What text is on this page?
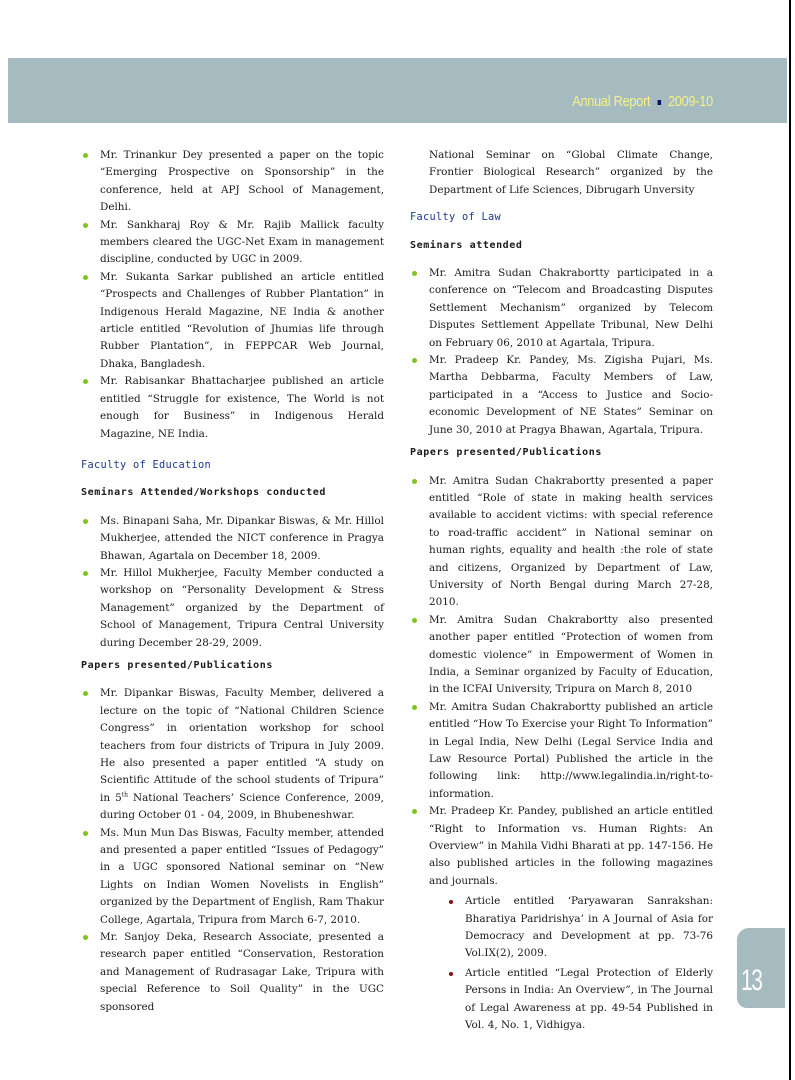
Annual Report 2009-10
Mr. Trinankur Dey presented a paper on the topic “Emerging Prospective on Sponsorship” in the conference, held at APJ School of Management, Delhi.
Mr. Sankharaj Roy & Mr. Rajib Mallick faculty members cleared the UGC-Net Exam in management discipline, conducted by UGC in 2009.
Mr. Sukanta Sarkar published an article entitled “Prospects and Challenges of Rubber Plantation” in Indigenous Herald Magazine, NE India & another article entitled “Revolution of Jhumias life through Rubber Plantation”, in FEPPCAR Web Journal, Dhaka, Bangladesh.
Mr. Rabisankar Bhattacharjee published an article entitled “Struggle for existence, The World is not enough for Business” in Indigenous Herald Magazine, NE India.
Faculty of Education
Seminars Attended/Workshops conducted
Ms. Binapani Saha, Mr. Dipankar Biswas, & Mr. Hillol Mukherjee, attended the NICT conference in Pragya Bhawan, Agartala on December 18, 2009.
Mr. Hillol Mukherjee, Faculty Member conducted a workshop on “Personality Development & Stress Management” organized by the Department of School of Management, Tripura Central University during December 28-29, 2009.
Papers presented/Publications
Mr. Dipankar Biswas, Faculty Member, delivered a lecture on the topic of “National Children Science Congress” in orientation workshop for school teachers from four districts of Tripura in July 2009. He also presented a paper entitled “A study on Scientific Attitude of the school students of Tripura” in 5th National Teachers’ Science Conference, 2009, during October 01 - 04, 2009, in Bhubeneshwar.
Ms. Mun Mun Das Biswas, Faculty member, attended and presented a paper entitled “Issues of Pedagogy” in a UGC sponsored National seminar on “New Lights on Indian Women Novelists in English” organized by the Department of English, Ram Thakur College, Agartala, Tripura from March 6-7, 2010.
Mr. Sanjoy Deka, Research Associate, presented a research paper entitled “Conservation, Restoration and Management of Rudrasagar Lake, Tripura with special Reference to Soil Quality” in the UGC sponsored
National Seminar on “Global Climate Change, Frontier Biological Research” organized by the Department of Life Sciences, Dibrugarh Unversity
Faculty of Law
Seminars attended
Mr. Amitra Sudan Chakrabortty participated in a conference on “Telecom and Broadcasting Disputes Settlement Mechanism” organized by Telecom Disputes Settlement Appellate Tribunal, New Delhi on February 06, 2010 at Agartala, Tripura.
Mr. Pradeep Kr. Pandey, Ms. Zigisha Pujari, Ms. Martha Debbarma, Faculty Members of Law, participated in a “Access to Justice and Socio-economic Development of NE States” Seminar on June 30, 2010 at Pragya Bhawan, Agartala, Tripura.
Papers presented/Publications
Mr. Amitra Sudan Chakrabortty presented a paper entitled “Role of state in making health services available to accident victims: with special reference to road-traffic accident” in National seminar on human rights, equality and health :the role of state and citizens, Organized by Department of Law, University of North Bengal during March 27-28, 2010.
Mr. Amitra Sudan Chakrabortty also presented another paper entitled “Protection of women from domestic violence” in Empowerment of Women in India, a Seminar organized by Faculty of Education, in the ICFAI University, Tripura on March 8, 2010
Mr. Amitra Sudan Chakrabortty published an article entitled “How To Exercise your Right To Information” in Legal India, New Delhi (Legal Service India and Law Resource Portal) Published the article in the following link: http://www.legalindia.in/right-to-information.
Mr. Pradeep Kr. Pandey, published an article entitled “Right to Information vs. Human Rights: An Overview” in Mahila Vidhi Bharati at pp. 147-156. He also published articles in the following magazines and journals.
Article entitled ‘Paryawaran Sanrakshan: Bharatiya Paridrishya’ in A Journal of Asia for Democracy and Development at pp. 73-76 Vol.IX(2), 2009.
Article entitled “Legal Protection of Elderly Persons in India: An Overview”, in The Journal of Legal Awareness at pp. 49-54 Published in Vol. 4, No. 1, Vidhigya.
13
